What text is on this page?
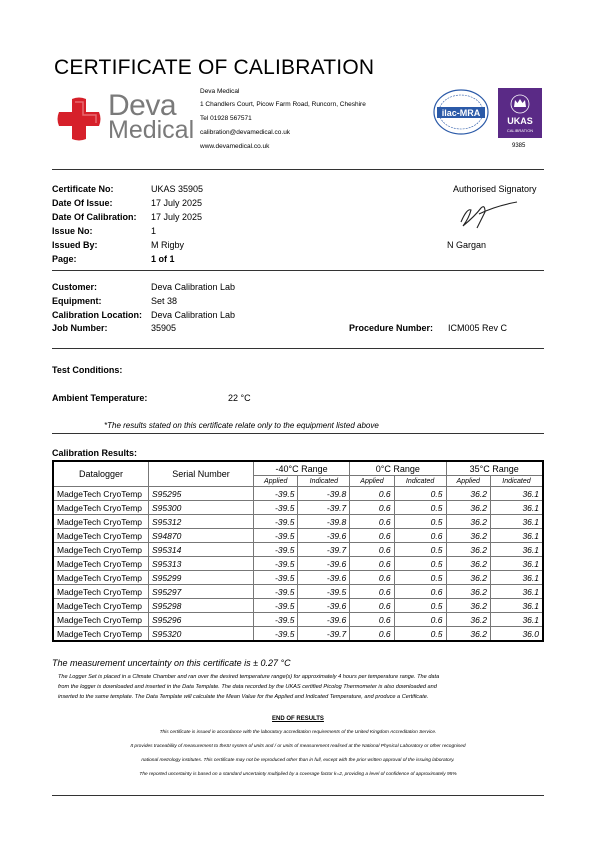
CERTIFICATE OF CALIBRATION
Deva
Medical
Deva Medical
1 Chandlers Court, Picow Farm Road, Runcorn, Cheshire
Tel 01928 567571
calibration@devamedical.co.uk
www.devamedical.co.uk
ilac-MRA
UKAS
CALIBRATION
9385
Certificate No:	UKAS 35905
Date Of Issue:	17 July 2025
Date Of Calibration: 17 July 2025
Issue No:	1
Issued By:	M Rigby
Page:	1 of 1
Authorised Signatory
N Gargan
Customer:	Deva Calibration Lab
Equipment:	Set 38
Calibration Location: Deva Calibration Lab
Job Number:	35905	Procedure Number: ICM005 Rev C
Test Conditions:
Ambient Temperature:	22 °C
*The results stated on this certificate relate only to the equipment listed above
Calibration Results:
Datalogger	Serial Number	-40°C Range		0°C Range		35°C Range	
		Applied	Indicated	Applied	Indicated	Applied	Indicated
MadgeTech CryoTemp	S95295	-39.5	-39.8	0.6	0.5	36.2	36.1
MadgeTech CryoTemp	S95300	-39.5	-39.7	0.6	0.5	36.2	36.1
MadgeTech CryoTemp	S95312	-39.5	-39.8	0.6	0.5	36.2	36.1
MadgeTech CryoTemp	S94870	-39.5	-39.6	0.6	0.6	36.2	36.1
MadgeTech CryoTemp	S95314	-39.5	-39.7	0.6	0.5	36.2	36.1
MadgeTech CryoTemp	S95313	-39.5	-39.6	0.6	0.5	36.2	36.1
MadgeTech CryoTemp	S95299	-39.5	-39.6	0.6	0.5	36.2	36.1
MadgeTech CryoTemp	S95297	-39.5	-39.5	0.6	0.6	36.2	36.1
MadgeTech CryoTemp	S95298	-39.5	-39.6	0.6	0.5	36.2	36.1
MadgeTech CryoTemp	S95296	-39.5	-39.6	0.6	0.6	36.2	36.1
MadgeTech CryoTemp	S95320	-39.5	-39.7	0.6	0.5	36.2	36.0
The measurement uncertainty on this certificate is ± 0.27 °C
The Logger Set is placed in a Climate Chamber and ran over the desired temperature range(s) for approximately 4 hours per temperature range. The data
from the logger is downloaded and inserted in the Data Template. The data recorded by the UKAS certified Picolog Thermometer is also downloaded and
inserted to the same template. The Data Template will calculate the Mean Value for the Applied and Indicated Temperature, and produce a Certificate.
END OF RESULTS
This certificate is issued in accordance with the laboratory accreditation requirements of the United Kingdom Accreditation Service.
It provides traceability of measurement to theSI system of units and / or units of measurement realised at the National Physical Laboratory or other recognised
national metrology institutes. This certificate may not be reproduced other than in full, except with the prior written approval of the issuing laboratory.
The reported uncertainty is based on a standard uncertainty multiplied by a coverage factor k=2, providing a level of confidence of approximately 95%
